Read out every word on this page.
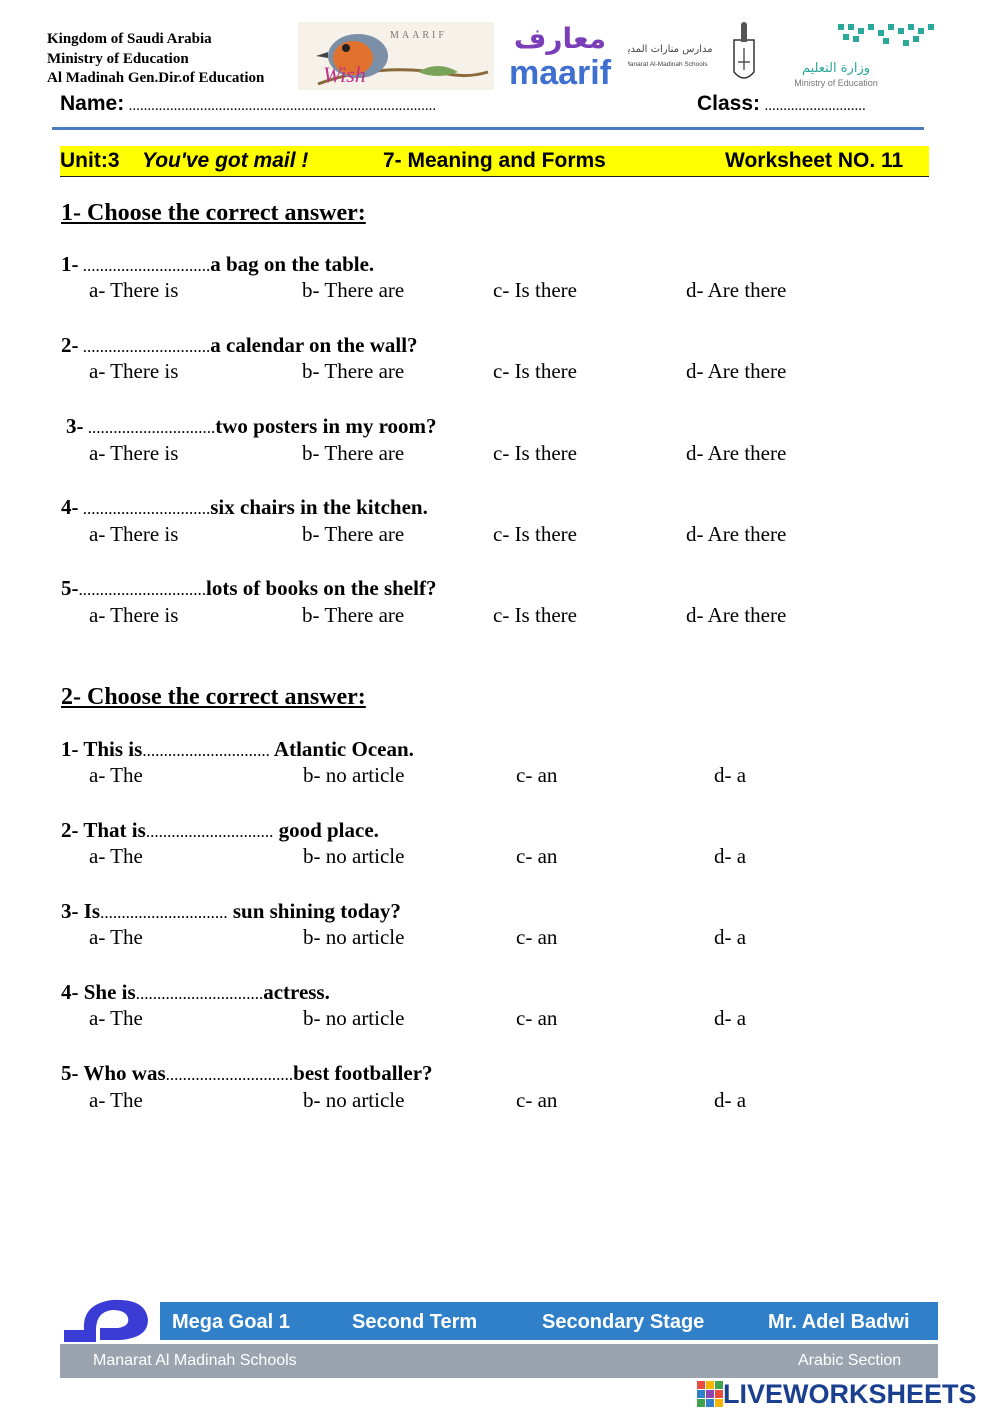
Kingdom of Saudi Arabia
Ministry of Education
Al Madinah Gen.Dir.of Education
MAARIF
Wish
معارف
maarif
مدارس منارات المدينة
Manarat Al-Madinah Schools	وزارة التعليم
Ministry of Education
Name: ..................................................................................	Class: ...........................
Unit:3 You've got mail !	7- Meaning and Forms	Worksheet NO. 11
1- Choose the correct answer:
1- ..............................a bag on the table.
a- There is	b- There are	c- Is there	d- Are there
2- ..............................a calendar on the wall?
a- There is	b- There are	c- Is there	d- Are there
3- ..............................two posters in my room?
a- There is	b- There are	c- Is there	d- Are there
4- ..............................six chairs in the kitchen.
a- There is	b- There are	c- Is there	d- Are there
5-..............................lots of books on the shelf?
a- There is	b- There are	c- Is there	d- Are there
2- Choose the correct answer:
1- This is.............................. Atlantic Ocean.
a- The	b- no article	c- an	d- a
2- That is.............................. good place.
a- The	b- no article	c- an	d- a
3- Is.............................. sun shining today?
a- The	b- no article	c- an	d- a
4- She is..............................actress.
a- The	b- no article	c- an	d- a
5- Who was..............................best footballer?
a- The	b- no article	c- an	d- a
Mega Goal 1	Second Term	Secondary Stage	Mr. Adel Badwi
Manarat Al Madinah Schools	Arabic Section
LIVEWORKSHEETS
